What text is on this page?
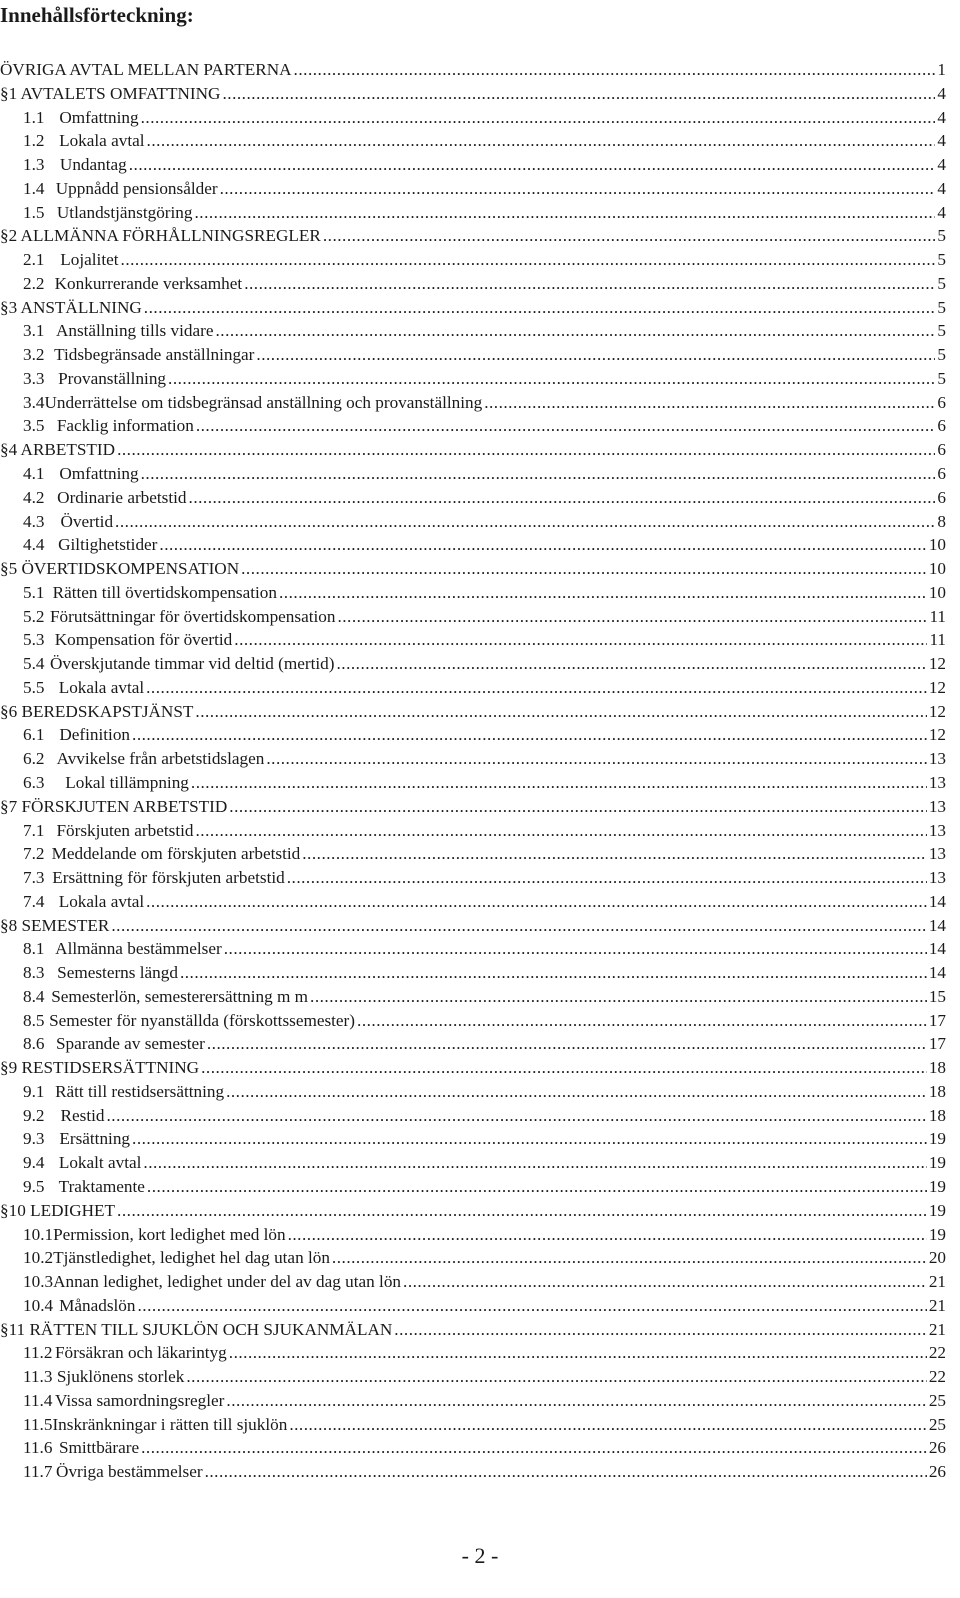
Innehållsförteckning:
ÖVRIGA AVTAL MELLAN PARTERNA .....	1
§ 1 AVTALETS OMFATTNING .....	4
1.1 Omfattning .....	4
1.2 Lokala avtal .....	4
1.3 Undantag .....	4
1.4 Uppnådd pensionsålder .....	4
1.5 Utlandstjänstgöring .....	4
§ 2 ALLMÄNNA FÖRHÅLLNINGSREGLER .....	5
2.1 Lojalitet .....	5
2.2 Konkurrerande verksamhet .....	5
§ 3 ANSTÄLLNING .....	5
3.1 Anställning tills vidare .....	5
3.2 Tidsbegränsade anställningar .....	5
3.3 Provanställning .....	5
3.4 Underrättelse om tidsbegränsad anställning och provanställning .....	6
3.5 Facklig information .....	6
§ 4 ARBETSTID .....	6
4.1 Omfattning .....	6
4.2 Ordinarie arbetstid .....	6
4.3 Övertid .....	8
4.4 Giltighetstider .....	10
§ 5 ÖVERTIDSKOMPENSATION .....	10
5.1 Rätten till övertidskompensation .....	10
5.2 Förutsättningar för övertidskompensation .....	11
5.3 Kompensation för övertid .....	11
5.4 Överskjutande timmar vid deltid (mertid) .....	12
5.5 Lokala avtal .....	12
§ 6 BEREDSKAPSTJÄNST .....	12
6.1 Definition .....	12
6.2 Avvikelse från arbetstidslagen .....	13
6.3 Lokal tillämpning .....	13
§ 7 FÖRSKJUTEN ARBETSTID .....	13
7.1 Förskjuten arbetstid .....	13
7.2 Meddelande om förskjuten arbetstid .....	13
7.3 Ersättning för förskjuten arbetstid .....	13
7.4 Lokala avtal .....	14
§ 8 SEMESTER .....	14
8.1 Allmänna bestämmelser .....	14
8.3 Semesterns längd .....	14
8.4 Semesterlön, semesterersättning m m .....	15
8.5 Semester för nyanställda (förskottssemester) .....	17
8.6 Sparande av semester .....	17
§ 9 RESTIDSERSÄTTNING .....	18
9.1 Rätt till restidsersättning .....	18
9.2 Restid .....	18
9.3 Ersättning .....	19
9.4 Lokalt avtal .....	19
9.5 Traktamente .....	19
§ 10 LEDIGHET .....	19
10.1 Permission, kort ledighet med lön .....	19
10.2 Tjänstledighet, ledighet hel dag utan lön .....	20
10.3 Annan ledighet, ledighet under del av dag utan lön .....	21
10.4 Månadslön .....	21
§ 11 RÄTTEN TILL SJUKLÖN OCH SJUKANMÄLAN .....	21
11.2 Försäkran och läkarintyg .....	22
11.3 Sjuklönens storlek .....	22
11.4 Vissa samordningsregler .....	25
11.5 Inskränkningar i rätten till sjuklön .....	25
11.6 Smittbärare .....	26
11.7 Övriga bestämmelser .....	26
- 2 -
